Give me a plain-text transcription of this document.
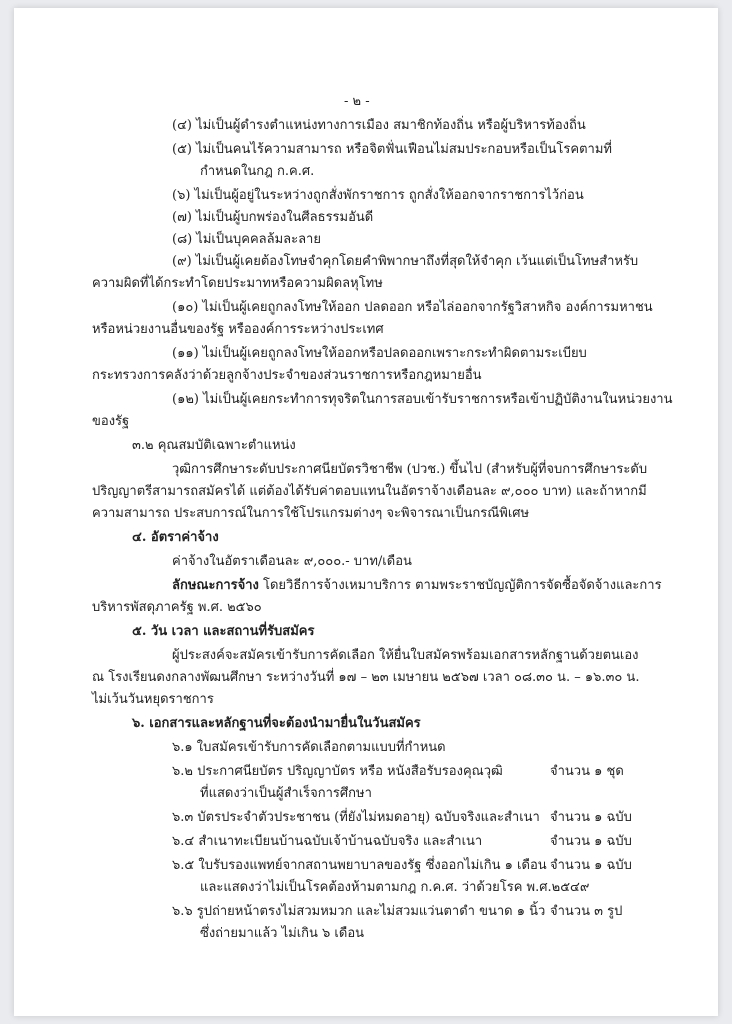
- ๒ -
(๔) ไม่เป็นผู้ดำรงตำแหน่งทางการเมือง สมาชิกท้องถิ่น หรือผู้บริหารท้องถิ่น
(๕) ไม่เป็นคนไร้ความสามารถ หรือจิตฟั่นเฟือนไม่สมประกอบหรือเป็นโรคตามที่
กำหนดในกฎ ก.ค.ศ.
(๖) ไม่เป็นผู้อยู่ในระหว่างถูกสั่งพักราชการ ถูกสั่งให้ออกจากราชการไว้ก่อน
(๗) ไม่เป็นผู้บกพร่องในศีลธรรมอันดี
(๘) ไม่เป็นบุคคลล้มละลาย
(๙) ไม่เป็นผู้เคยต้องโทษจำคุกโดยคำพิพากษาถึงที่สุดให้จำคุก เว้นแต่เป็นโทษสำหรับ
ความผิดที่ได้กระทำโดยประมาทหรือความผิดลหุโทษ
(๑๐) ไม่เป็นผู้เคยถูกลงโทษให้ออก ปลดออก หรือไล่ออกจากรัฐวิสาหกิจ องค์การมหาชน
หรือหน่วยงานอื่นของรัฐ หรือองค์การระหว่างประเทศ
(๑๑) ไม่เป็นผู้เคยถูกลงโทษให้ออกหรือปลดออกเพราะกระทำผิดตามระเบียบ
กระทรวงการคลังว่าด้วยลูกจ้างประจำของส่วนราชการหรือกฎหมายอื่น
(๑๒) ไม่เป็นผู้เคยกระทำการทุจริตในการสอบเข้ารับราชการหรือเข้าปฏิบัติงานในหน่วยงาน
ของรัฐ
๓.๒ คุณสมบัติเฉพาะตำแหน่ง
วุฒิการศึกษาระดับประกาศนียบัตรวิชาชีพ (ปวช.) ขึ้นไป (สำหรับผู้ที่จบการศึกษาระดับ
ปริญญาตรีสามารถสมัครได้ แต่ต้องได้รับค่าตอบแทนในอัตราจ้างเดือนละ ๙,๐๐๐ บาท) และถ้าหากมี
ความสามารถ ประสบการณ์ในการใช้โปรแกรมต่างๆ จะพิจารณาเป็นกรณีพิเศษ
๔. อัตราค่าจ้าง
ค่าจ้างในอัตราเดือนละ ๙,๐๐๐.- บาท/เดือน
ลักษณะการจ้าง โดยวิธีการจ้างเหมาบริการ ตามพระราชบัญญัติการจัดซื้อจัดจ้างและการ
บริหารพัสดุภาครัฐ พ.ศ. ๒๕๖๐
๕. วัน เวลา และสถานที่รับสมัคร
ผู้ประสงค์จะสมัครเข้ารับการคัดเลือก ให้ยื่นใบสมัครพร้อมเอกสารหลักฐานด้วยตนเอง
ณ โรงเรียนดงกลางพัฒนศึกษา ระหว่างวันที่ ๑๗ – ๒๓ เมษายน ๒๕๖๗ เวลา ๐๘.๓๐ น. – ๑๖.๓๐ น.
ไม่เว้นวันหยุดราชการ
๖. เอกสารและหลักฐานที่จะต้องนำมายื่นในวันสมัคร
๖.๑ ใบสมัครเข้ารับการคัดเลือกตามแบบที่กำหนด
๖.๒ ประกาศนียบัตร ปริญญาบัตร หรือ หนังสือรับรองคุณวุฒิ	จำนวน ๑ ชุด
ที่แสดงว่าเป็นผู้สำเร็จการศึกษา
๖.๓ บัตรประจำตัวประชาชน (ที่ยังไม่หมดอายุ) ฉบับจริงและสำเนา จำนวน ๑ ฉบับ
๖.๔ สำเนาทะเบียนบ้านฉบับเจ้าบ้านฉบับจริง และสำเนา	จำนวน ๑ ฉบับ
๖.๕ ใบรับรองแพทย์จากสถานพยาบาลของรัฐ ซึ่งออกไม่เกิน ๑ เดือน จำนวน ๑ ฉบับ
และแสดงว่าไม่เป็นโรคต้องห้ามตามกฎ ก.ค.ศ. ว่าด้วยโรค พ.ศ.๒๕๔๙
๖.๖ รูปถ่ายหน้าตรงไม่สวมหมวก และไม่สวมแว่นตาดำ ขนาด ๑ นิ้ว จำนวน ๓ รูป
ซึ่งถ่ายมาแล้ว ไม่เกิน ๖ เดือน
